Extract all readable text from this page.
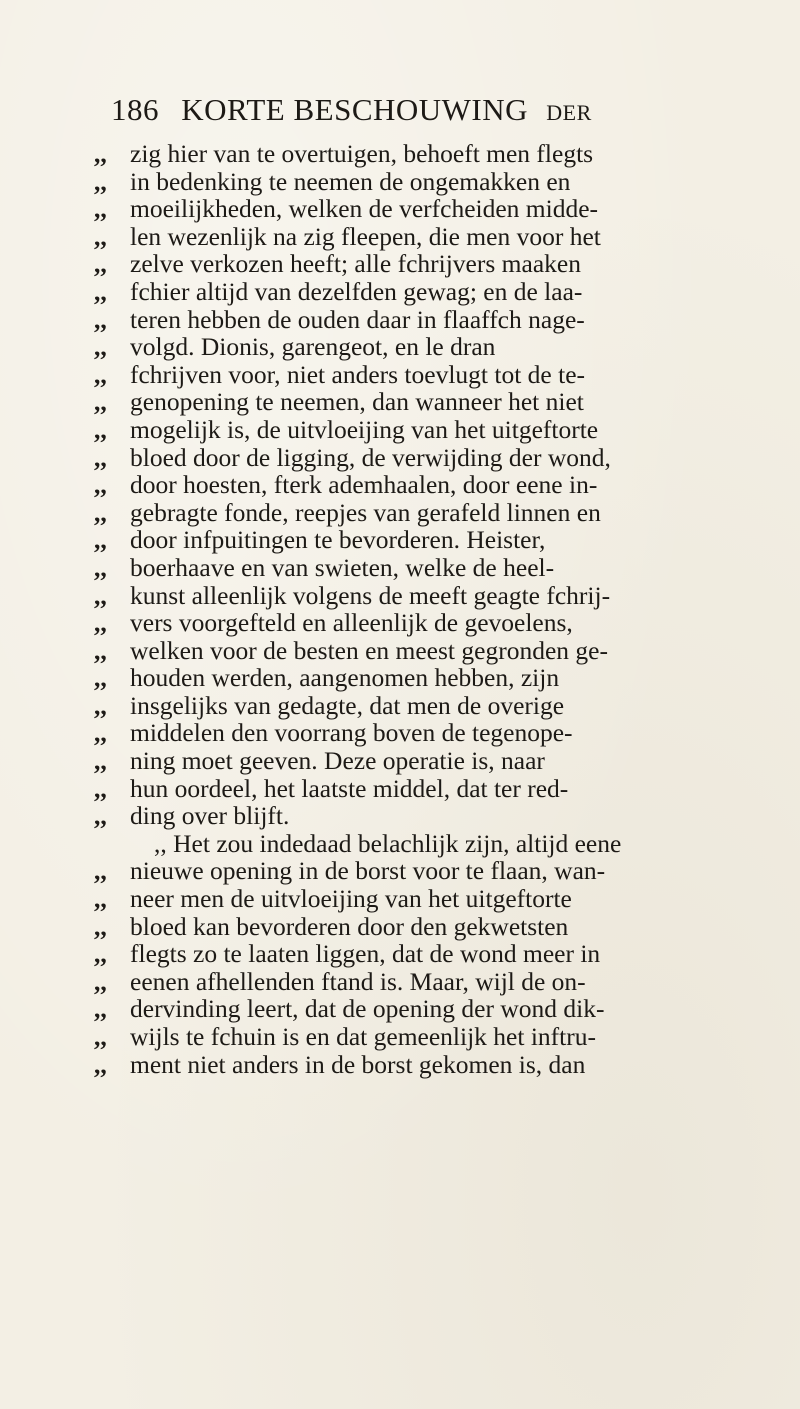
186 KORTE BESCHOUWING DER
,, zig hier van te overtuigen, behoeft men flegts
,, in bedenking te neemen de ongemakken en
,, moeilijkheden, welken de verfcheiden midde-
,, len wezenlijk na zig fleepen, die men voor het
,, zelve verkozen heeft; alle fchrijvers maaken
,, fchier altijd van dezelfden gewag; en de laa-
,, teren hebben de ouden daar in flaaffch nage-
,, volgd. Dionis, garengeot, en le dran
,, fchrijven voor, niet anders toevlugt tot de te-
,, genopening te neemen, dan wanneer het niet
,, mogelijk is, de uitvloeijing van het uitgeftorte
,, bloed door de ligging, de verwijding der wond,
,, door hoesten, fterk ademhaalen, door eene in-
,, gebragte fonde, reepjes van gerafeld linnen en
,, door infpuitingen te bevorderen. Heister,
,, boerhaave en van swieten, welke de heel-
,, kunst alleenlijk volgens de meeft geagte fchrij-
,, vers voorgefteld en alleenlijk de gevoelens,
,, welken voor de besten en meest gegronden ge-
,, houden werden, aangenomen hebben, zijn
,, insgelijks van gedagte, dat men de overige
,, middelen den voorrang boven de tegenope-
,, ning moet geeven. Deze operatie is, naar
,, hun oordeel, het laatste middel, dat ter red-
,, ding over blijft.
,, Het zou indedaad belachlijk zijn, altijd eene
,, nieuwe opening in de borst voor te flaan, wan-
,, neer men de uitvloeijing van het uitgeftorte
,, bloed kan bevorderen door den gekwetsten
,, flegts zo te laaten liggen, dat de wond meer in
,, eenen afhellenden ftand is. Maar, wijl de on-
,, dervinding leert, dat de opening der wond dik-
,, wijls te fchuin is en dat gemeenlijk het inftru-
,, ment niet anders in de borst gekomen is, dan
